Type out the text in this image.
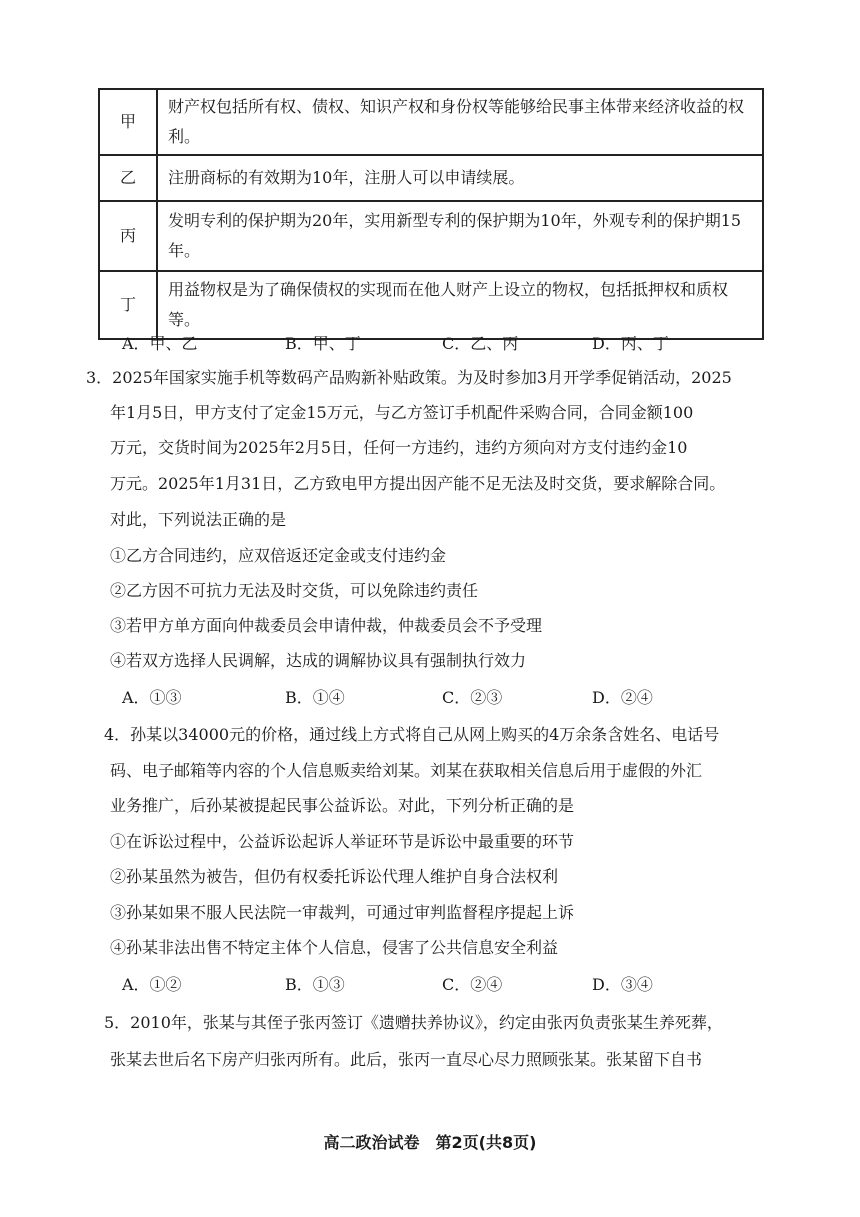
甲	财产权包括所有权、债权、知识产权和身份权等能够给民事主体带来经济收益的权利。
乙	注册商标的有效期为10年，注册人可以申请续展。
丙	发明专利的保护期为20年，实用新型专利的保护期为10年，外观专利的保护期15年。
丁	用益物权是为了确保债权的实现而在他人财产上设立的物权，包括抵押权和质权等。
A．甲、乙	B．甲、丁	C．乙、丙	D．丙、丁
3．2025年国家实施手机等数码产品购新补贴政策。为及时参加3月开学季促销活动，2025
年1月5日，甲方支付了定金15万元，与乙方签订手机配件采购合同，合同金额100
万元，交货时间为2025年2月5日，任何一方违约，违约方须向对方支付违约金10
万元。2025年1月31日，乙方致电甲方提出因产能不足无法及时交货，要求解除合同。
对此，下列说法正确的是
①乙方合同违约，应双倍返还定金或支付违约金
②乙方因不可抗力无法及时交货，可以免除违约责任
③若甲方单方面向仲裁委员会申请仲裁，仲裁委员会不予受理
④若双方选择人民调解，达成的调解协议具有强制执行效力
A．①③	B．①④	C．②③	D．②④
4．孙某以34000元的价格，通过线上方式将自己从网上购买的4万余条含姓名、电话号
码、电子邮箱等内容的个人信息贩卖给刘某。刘某在获取相关信息后用于虚假的外汇
业务推广，后孙某被提起民事公益诉讼。对此，下列分析正确的是
①在诉讼过程中，公益诉讼起诉人举证环节是诉讼中最重要的环节
②孙某虽然为被告，但仍有权委托诉讼代理人维护自身合法权利
③孙某如果不服人民法院一审裁判，可通过审判监督程序提起上诉
④孙某非法出售不特定主体个人信息，侵害了公共信息安全利益
A．①②	B．①③	C．②④	D．③④
5．2010年，张某与其侄子张丙签订《遗赠扶养协议》，约定由张丙负责张某生养死葬，
张某去世后名下房产归张丙所有。此后，张丙一直尽心尽力照顾张某。张某留下自书
高二政治试卷　第2页(共8页)
